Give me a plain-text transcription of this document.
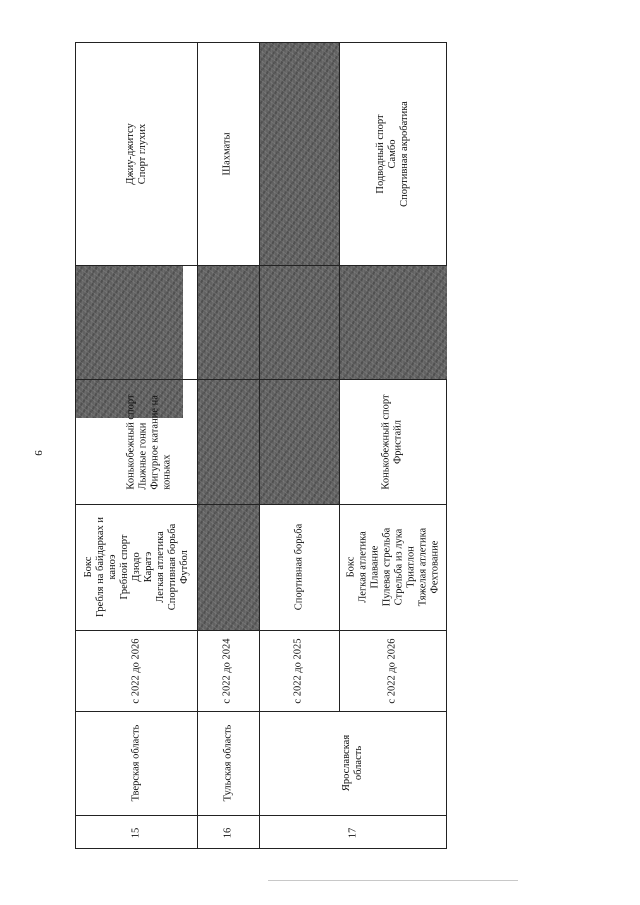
9
15
Тверская область
с 2022 до 2026
Бокс Гребля на байдарках и каноэ Гребной спорт Дзюдо Каратэ Легкая атлетика Спортивная борьба Футбол
Конькобежный спорт Лыжные гонки Фигурное катание на коньках
Джиу-джитсу Спорт глухих
16
Тульская область
с 2022 до 2024
Шахматы
17
Ярославская область
с 2022 до 2025	с 2022 до 2026
Спортивная борьба	Бокс Легкая атлетика Плавание Пулевая стрельба Стрельба из лука Триатлон Тяжелая атлетика Фехтование
Конькобежный спорт Фристайл
Подводный спорт Самбо Спортивная акробатика
